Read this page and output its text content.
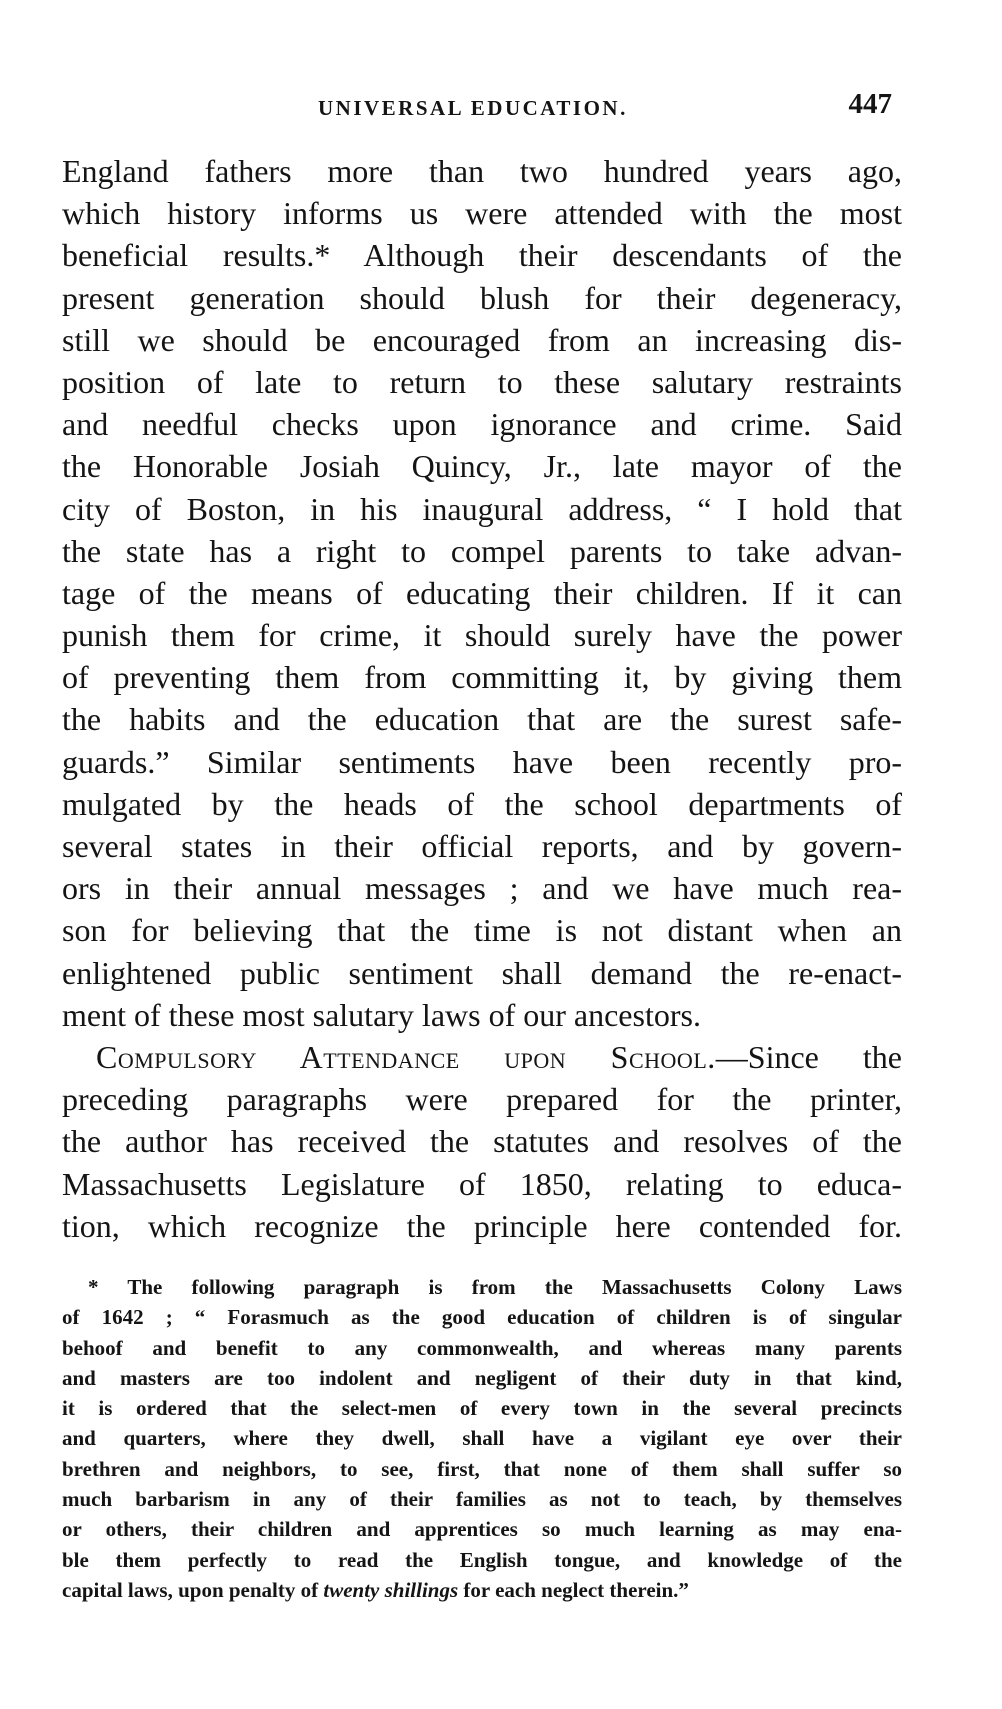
UNIVERSAL EDUCATION.	447
England fathers more than two hundred years ago,
which history informs us were attended with the most
beneficial results.* Although their descendants of the
present generation should blush for their degeneracy,
still we should be encouraged from an increasing dis-
position of late to return to these salutary restraints
and needful checks upon ignorance and crime. Said
the Honorable Josiah Quincy, Jr., late mayor of the
city of Boston, in his inaugural address, “ I hold that
the state has a right to compel parents to take advan-
tage of the means of educating their children. If it can
punish them for crime, it should surely have the power
of preventing them from committing it, by giving them
the habits and the education that are the surest safe-
guards.” Similar sentiments have been recently pro-
mulgated by the heads of the school departments of
several states in their official reports, and by govern-
ors in their annual messages ; and we have much rea-
son for believing that the time is not distant when an
enlightened public sentiment shall demand the re-enact-
ment of these most salutary laws of our ancestors.
Compulsory Attendance upon School.—Since the
preceding paragraphs were prepared for the printer,
the author has received the statutes and resolves of the
Massachusetts Legislature of 1850, relating to educa-
tion, which recognize the principle here contended for.
* The following paragraph is from the Massachusetts Colony Laws
of 1642 ; “ Forasmuch as the good education of children is of singular
behoof and benefit to any commonwealth, and whereas many parents
and masters are too indolent and negligent of their duty in that kind,
it is ordered that the select-men of every town in the several precincts
and quarters, where they dwell, shall have a vigilant eye over their
brethren and neighbors, to see, first, that none of them shall suffer so
much barbarism in any of their families as not to teach, by themselves
or others, their children and apprentices so much learning as may ena-
ble them perfectly to read the English tongue, and knowledge of the
capital laws, upon penalty of twenty shillings for each neglect therein.”
